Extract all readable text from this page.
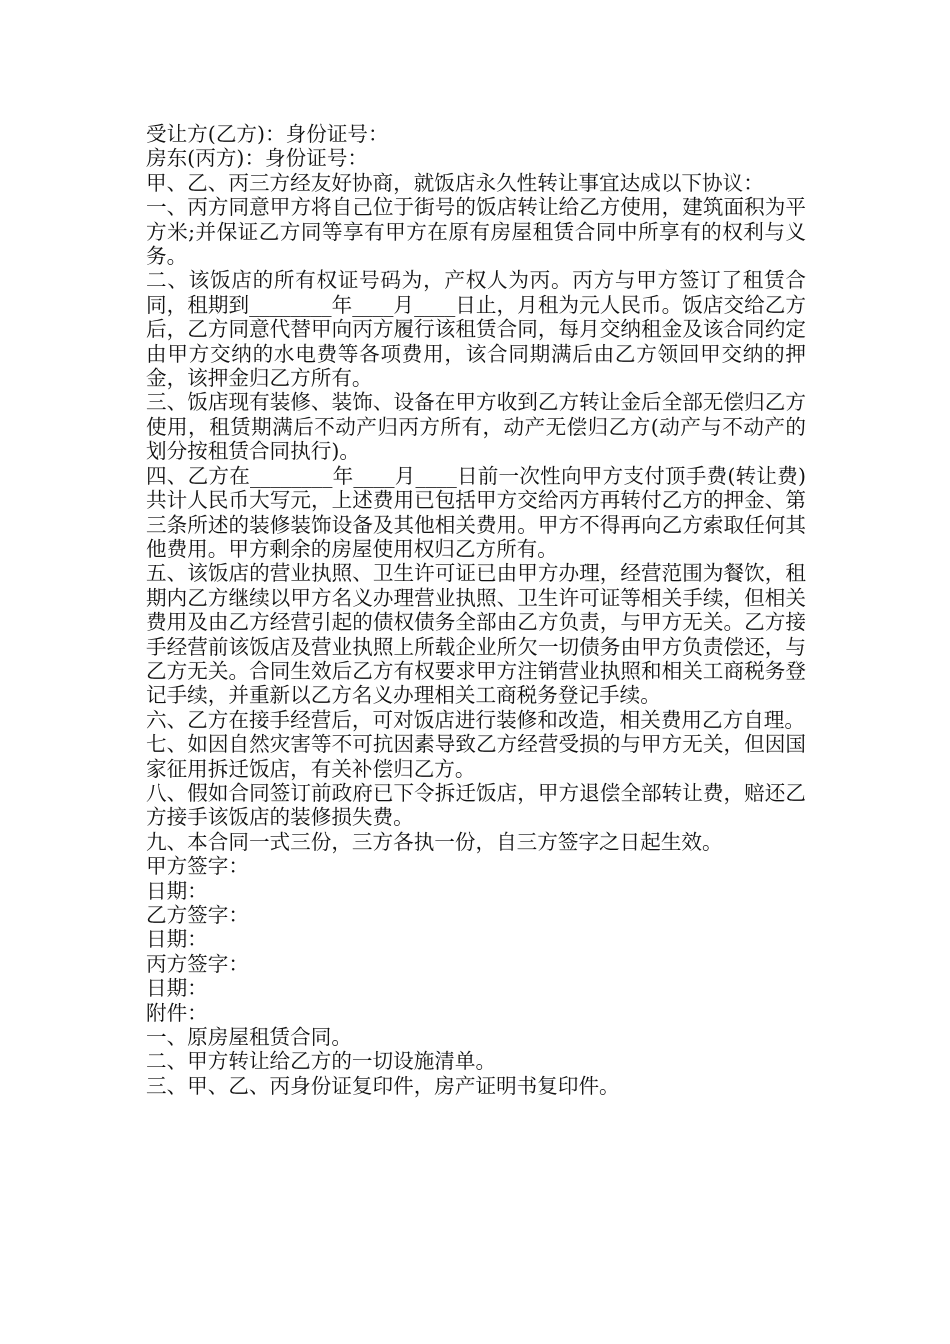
受让方(乙方)：身份证号：

房东(丙方)：身份证号：

甲、乙、丙三方经友好协商，就饭店永久性转让事宜达成以下协议：

一、丙方同意甲方将自己位于街号的饭店转让给乙方使用，建筑面积为平方米;并保证乙方同等享有甲方在原有房屋租赁合同中所享有的权利与义务。

二、该饭店的所有权证号码为，产权人为丙。丙方与甲方签订了租赁合同，租期到________年____月____日止，月租为元人民币。饭店交给乙方后，乙方同意代替甲向丙方履行该租赁合同，每月交纳租金及该合同约定由甲方交纳的水电费等各项费用，该合同期满后由乙方领回甲交纳的押金，该押金归乙方所有。

三、饭店现有装修、装饰、设备在甲方收到乙方转让金后全部无偿归乙方使用，租赁期满后不动产归丙方所有，动产无偿归乙方(动产与不动产的划分按租赁合同执行)。

四、乙方在________年____月____日前一次性向甲方支付顶手费(转让费)共计人民币大写元，上述费用已包括甲方交给丙方再转付乙方的押金、第三条所述的装修装饰设备及其他相关费用。甲方不得再向乙方索取任何其他费用。甲方剩余的房屋使用权归乙方所有。

五、该饭店的营业执照、卫生许可证已由甲方办理，经营范围为餐饮，租期内乙方继续以甲方名义办理营业执照、卫生许可证等相关手续，但相关费用及由乙方经营引起的债权债务全部由乙方负责，与甲方无关。乙方接手经营前该饭店及营业执照上所载企业所欠一切债务由甲方负责偿还，与乙方无关。合同生效后乙方有权要求甲方注销营业执照和相关工商税务登记手续，并重新以乙方名义办理相关工商税务登记手续。

六、乙方在接手经营后，可对饭店进行装修和改造，相关费用乙方自理。

七、如因自然灾害等不可抗因素导致乙方经营受损的与甲方无关，但因国家征用拆迁饭店，有关补偿归乙方。

八、假如合同签订前政府已下令拆迁饭店，甲方退偿全部转让费，赔还乙方接手该饭店的装修损失费。

九、本合同一式三份，三方各执一份，自三方签字之日起生效。

甲方签字：

日期：

乙方签字：

日期：

丙方签字：

日期：

附件：

一、原房屋租赁合同。

二、甲方转让给乙方的一切设施清单。

三、甲、乙、丙身份证复印件，房产证明书复印件。
